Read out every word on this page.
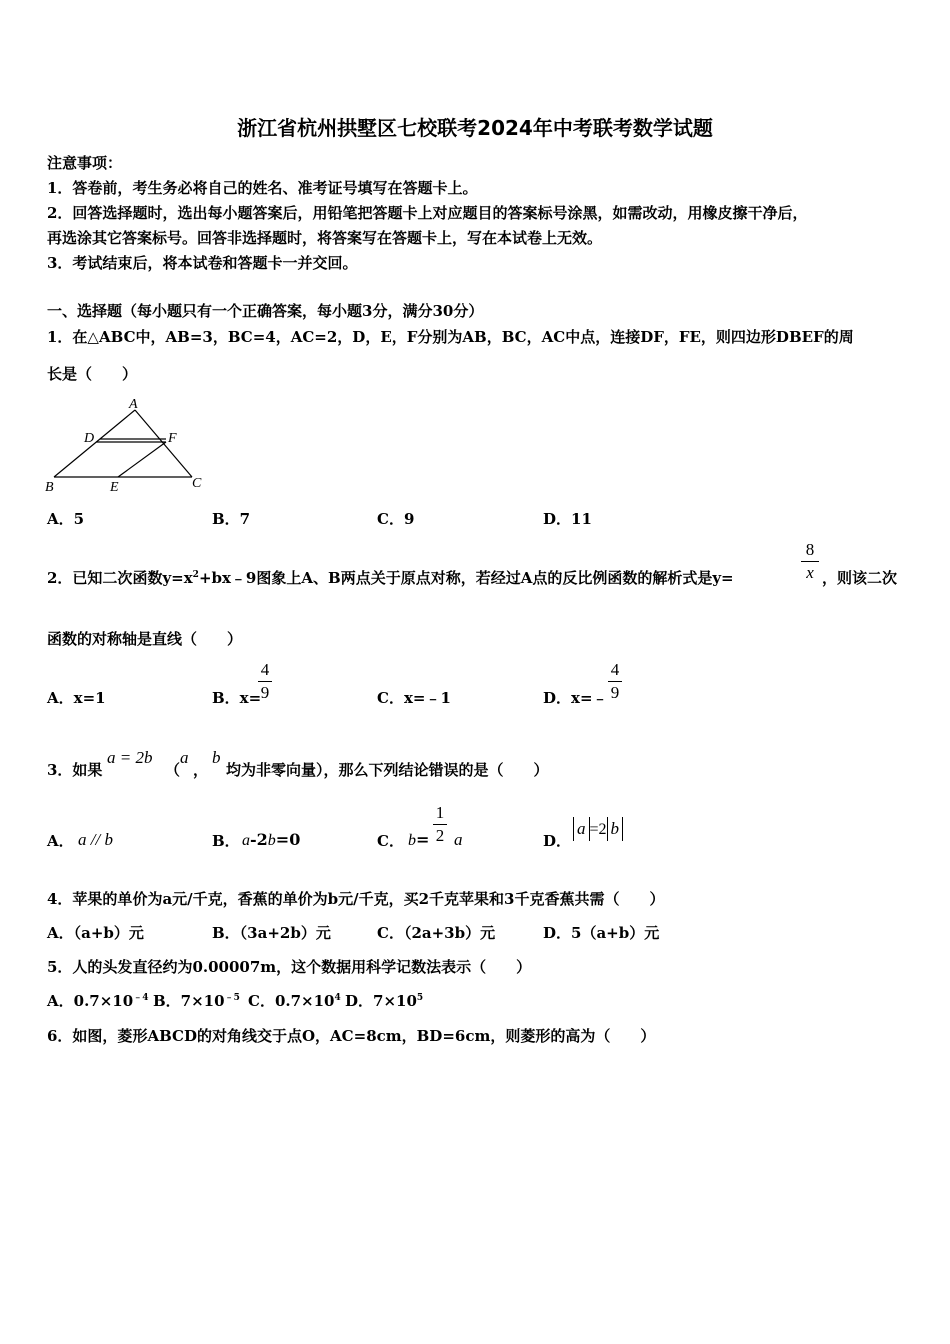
浙江省杭州拱墅区七校联考2024年中考联考数学试题
注意事项：
1．答卷前，考生务必将自己的姓名、准考证号填写在答题卡上。
2．回答选择题时，选出每小题答案后，用铅笔把答题卡上对应题目的答案标号涂黑，如需改动，用橡皮擦干净后，
再选涂其它答案标号。回答非选择题时，将答案写在答题卡上，写在本试卷上无效。
3．考试结束后，将本试卷和答题卡一并交回。
一、选择题（每小题只有一个正确答案，每小题3分，满分30分）
1．在△ABC中，AB=3，BC=4，AC=2，D，E，F分别为AB，BC，AC中点，连接DF，FE，则四边形DBEF的周
长是（　　）
A
D	F
B	E	C
A．5	B．7	C．9	D．11
2．已知二次函数$y=x^2+bx﹣9$图象上A、B两点关于原点对称，若经过A点的反比例函数的解析式是y=
8
x ，则该二次
函数的对称轴是直线（　　）
A．x=1	B．x=
4
9	C．x=﹣1	D．x=﹣
4
9
3．如果
a = 2b
（
a
，
b
均为非零向量），那么下列结论错误的是（　　）
A． a // b	B． a-2b=0	C． b=
1
2 a	D．
a =2 b
4．苹果的单价为a元/千克，香蕉的单价为b元/千克，买2千克苹果和3千克香蕉共需（　　）
A．（a+b）元	B．（3a+2b）元	C．（2a+3b）元	D．5（a+b）元
5．人的头发直径约为0.00007m，这个数据用科学记数法表示（　　）
A．$0.7\times 10^{﹣4}$ B．$7\times 10^{﹣5}$ C．$0.7\times 10^4$ D．$7\times 10^5$
6．如图，菱形ABCD的对角线交于点O，AC=8cm，BD=6cm，则菱形的高为（　　）
